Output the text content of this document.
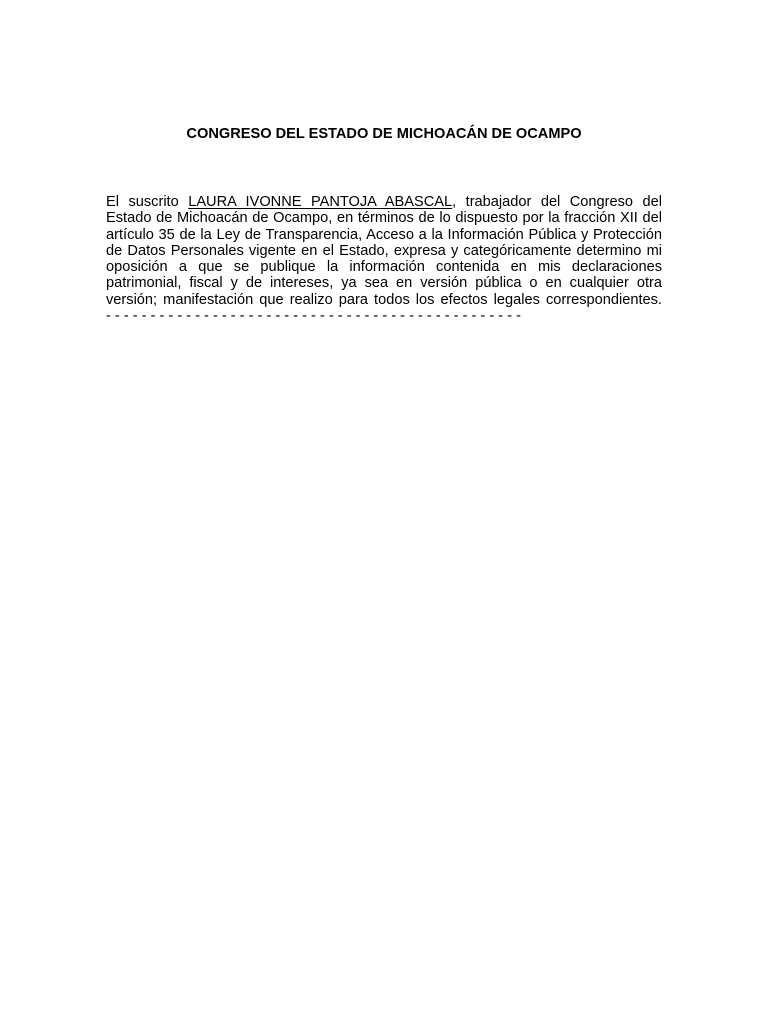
CONGRESO DEL ESTADO DE MICHOACÁN DE OCAMPO
El suscrito LAURA IVONNE PANTOJA ABASCAL, trabajador del Congreso del Estado de Michoacán de Ocampo, en términos de lo dispuesto por la fracción XII del artículo 35 de la Ley de Transparencia, Acceso a la Información Pública y Protección de Datos Personales vigente en el Estado, expresa y categóricamente determino mi oposición a que se publique la información contenida en mis declaraciones patrimonial, fiscal y de intereses, ya sea en versión pública o en cualquier otra versión; manifestación que realizo para todos los efectos legales correspondientes. - - - - - - - - - - - - - - - - - - - - - - - - - - - - - - - - - - - - - - - - - - - - - - -
